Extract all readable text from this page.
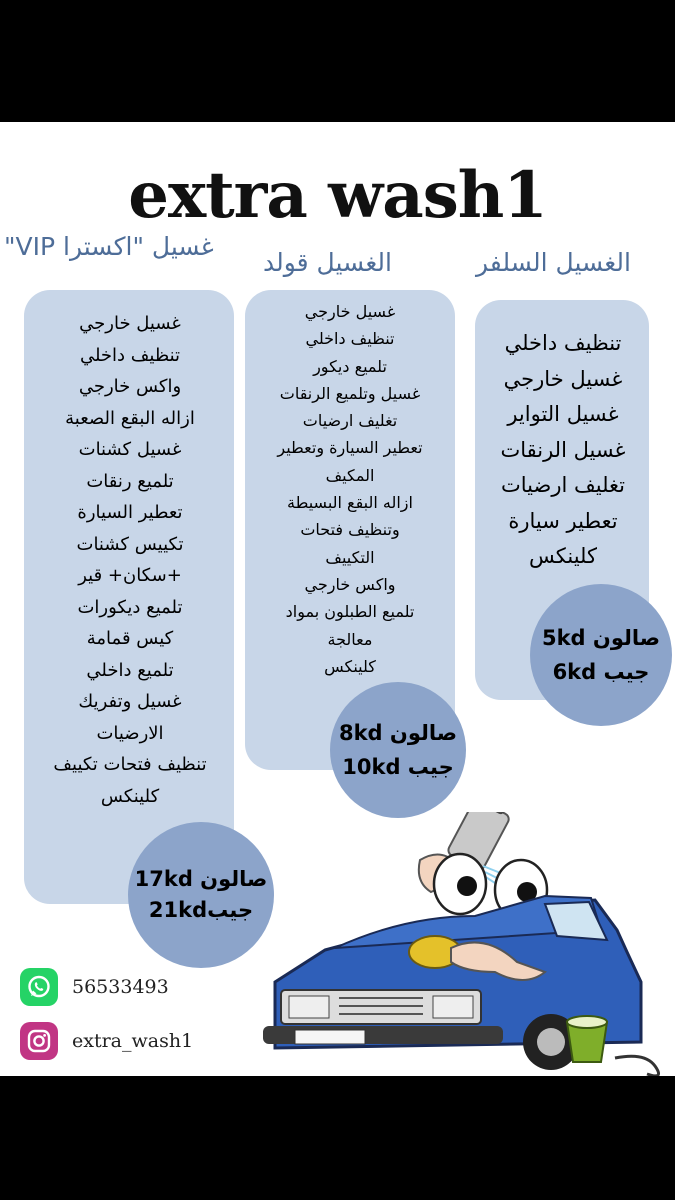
extra wash1
الغسيل السلفر
الغسيل قولد
غسيل "اكسترا VIP"
تنظيف داخلي
غسيل خارجي
غسيل التواير
غسيل الرنقات
تغليف ارضيات
تعطير سيارة
كلينكس
غسيل خارجي
تنظيف داخلي
تلميع ديكور
غسيل وتلميع الرنقات
تغليف ارضيات
تعطير السيارة وتعطير
المكيف
ازاله البقع البسيطة
وتنظيف فتحات
التكييف
واكس خارجي
تلميع الطبلون بمواد
معالجة
كلينكس
غسيل خارجي
تنظيف داخلي
واكس خارجي
ازاله البقع الصعبة
غسيل كشنات
تلميع رنقات
تعطير السيارة
تكييس كشنات
+سكان+ قير
تلميع ديكورات
كيس قمامة
تلميع داخلي
غسيل وتفريك
الارضيات
تنظيف فتحات تكييف
كلينكس
صالون 5kd
جيب 6kd
صالون 8kd
جيب 10kd
صالون 17kd
جيب21kd
56533493
extra_wash1
